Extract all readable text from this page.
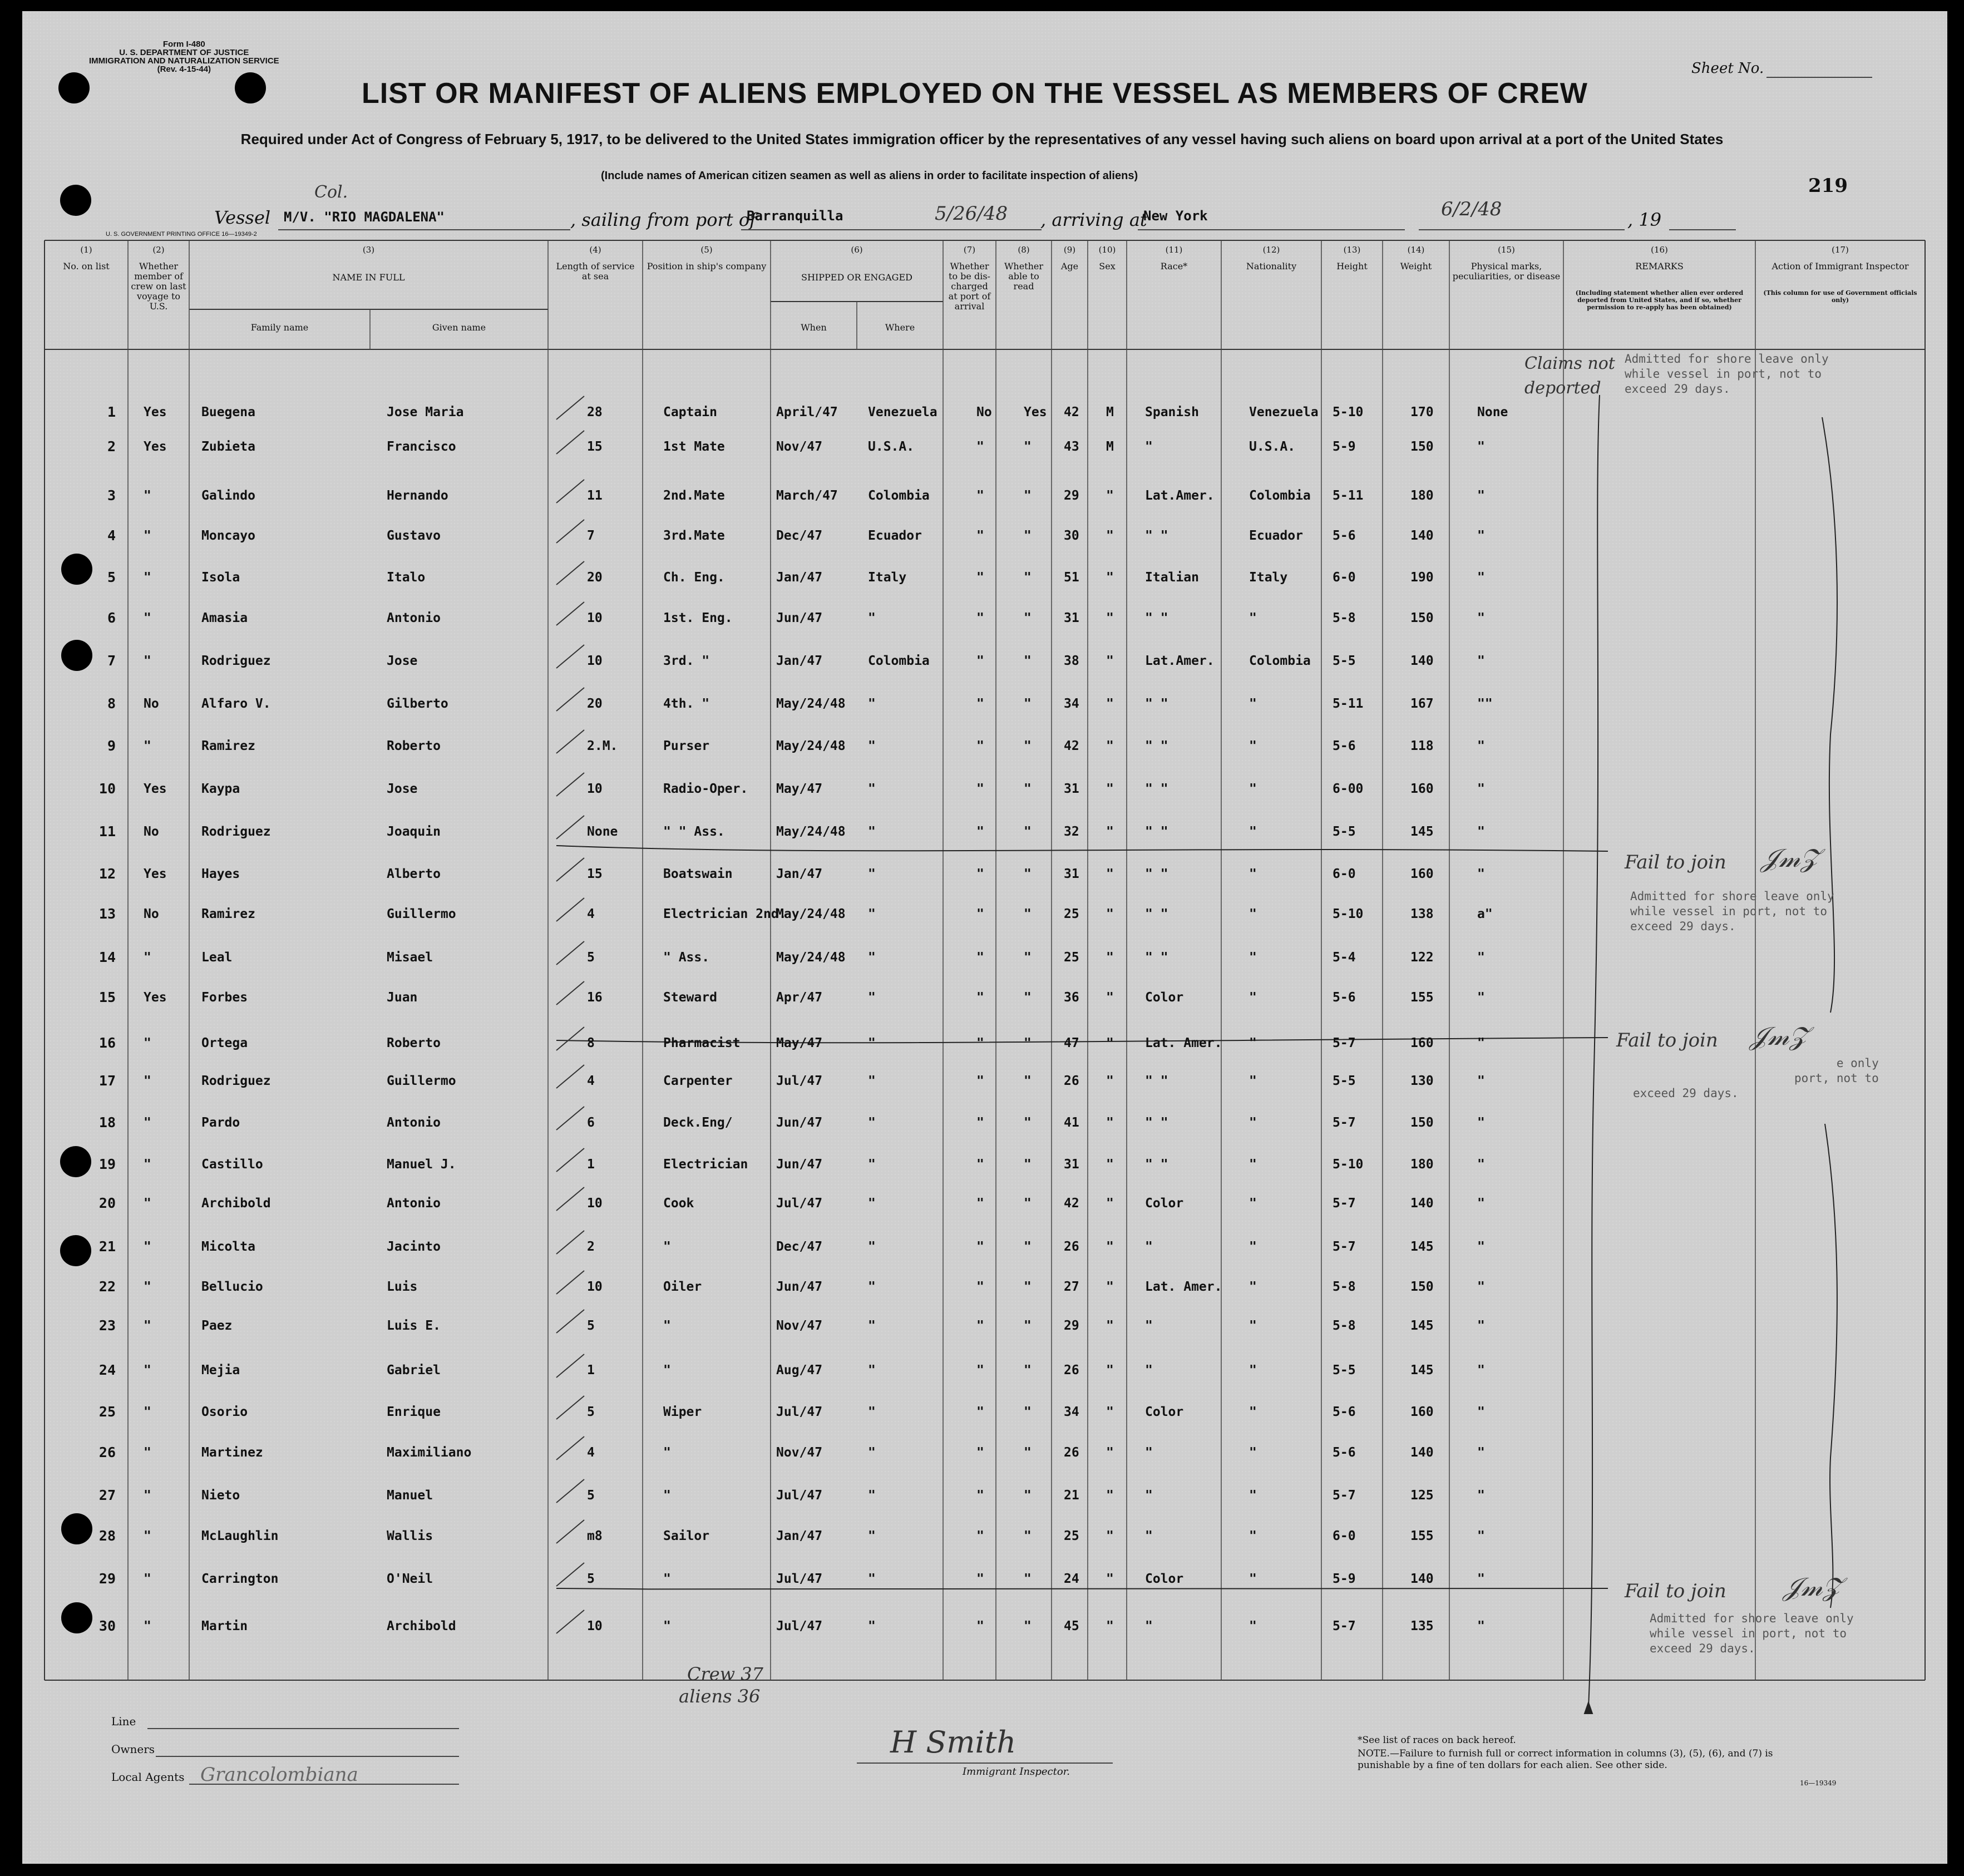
Form I-480
U. S. DEPARTMENT OF JUSTICE
IMMIGRATION AND NATURALIZATION SERVICE
(Rev. 4-15-44)	Sheet No.
LIST OR MANIFEST OF ALIENS EMPLOYED ON THE VESSEL AS MEMBERS OF CREW
Required under Act of Congress of February 5, 1917, to be delivered to the United States immigration officer by the representatives of any vessel having such aliens on board upon arrival at a port of the United States
(Include names of American citizen seamen as well as aliens in order to facilitate inspection of aliens)	219
Vessel
Col.
M/V. "RIO MAGDALENA"	, sailing from port of
Barranquilla	5/26/48 , arriving at
New York	6/2/48	, 19
U. S. GOVERNMENT PRINTING OFFICE 16—19349-2
(1)
No. on list
(2)
Whether member of crew on last voyage to U.S.
(3)
NAME IN FULL
Family name	Given name
(4)
Length of service at sea
(5)
Position in ship's company
(6)
SHIPPED OR ENGAGED
When	Where
(7)
Whether to be dis-charged at port of arrival
(8)
Whether able to read
(9)
Age
(10)
Sex
(11)
Race*
(12)
Nationality
(13)
Height
(14)
Weight
(15)
Physical marks, peculiarities, or disease
(16)
REMARKS
(Including statement whether alien ever ordered deported from United States, and if so, whether permission to re-apply has been obtained)
(17)
Action of Immigrant Inspector
(This column for use of Government officials only)
1 Yes	Buegena	Jose Maria	28	Captain	April/47 Venezuela	No Yes 42 M Spanish	Venezuela 5-10	170	None
2 Yes	Zubieta	Francisco	15	1st Mate	Nov/47	U.S.A.	"	"	43 M "	U.S.A.	5-9	150	"
3 "	Galindo	Hernando	11	2nd.Mate	March/47 Colombia	"	"	29 " Lat.Amer.	Colombia 5-11	180	"
4 "	Moncayo	Gustavo	7	3rd.Mate	Dec/47	Ecuador	"	"	30 " " "	Ecuador 5-6	140	"
5 "	Isola	Italo	20	Ch. Eng.	Jan/47	Italy	"	"	51 " Italian	Italy	6-0	190	"
6 "	Amasia	Antonio	10	1st. Eng.	Jun/47	"	"	"	31 " " "	"	5-8	150	"
7 "	Rodriguez	Jose	10	3rd. "	Jan/47	Colombia	"	"	38 " Lat.Amer.	Colombia 5-5	140	"
8 No	Alfaro V.	Gilberto	20	4th. "	May/24/48 "	"	"	34 " " "	"	5-11	167	""
9 "	Ramirez	Roberto	2.M.	Purser	May/24/48 "	"	"	42 " " "	"	5-6	118	"
10 Yes	Kaypa	Jose	10	Radio-Oper. May/47	"	"	"	31 " " "	"	6-00	160	"
11 No	Rodriguez	Joaquin	None	" " Ass.	May/24/48 "	"	"	32 " " "	"	5-5	145	"
12 Yes	Hayes	Alberto	15	Boatswain	Jan/47	"	"	"	31 " " "	"	6-0	160	"
13 No	Ramirez	Guillermo	4	Electrician 2nd.
May/24/48 "	"	"	25 " " "	"	5-10	138	a"
14 "	Leal	Misael	5	" Ass.	May/24/48 "	"	"	25 " " "	"	5-4	122	"
15 Yes	Forbes	Juan	16	Steward	Apr/47	"	"	"	36 " Color	"	5-6	155	"
16 "	Ortega	Roberto	8	Pharmacist	May/47	"	"	"	47 " Lat. Amer. "	5-7	160	"
17 "	Rodriguez	Guillermo	4	Carpenter	Jul/47	"	"	"	26 " " "	"	5-5	130	"
18 "	Pardo	Antonio	6	Deck.Eng/	Jun/47	"	"	"	41 " " "	"	5-7	150	"
19 "	Castillo	Manuel J.	1	Electrician Jun/47	"	"	"	31 " " "	"	5-10	180	"
20 "	Archibold	Antonio	10	Cook	Jul/47	"	"	"	42 " Color	"	5-7	140	"
21 "	Micolta	Jacinto	2	"	Dec/47	"	"	"	26 " "	"	5-7	145	"
22 "	Bellucio	Luis	10	Oiler	Jun/47	"	"	"	27 " Lat. Amer. "	5-8	150	"
23 "	Paez	Luis E.	5	"	Nov/47	"	"	"	29 " "	"	5-8	145	"
24 "	Mejia	Gabriel	1	"	Aug/47	"	"	"	26 " "	"	5-5	145	"
25 "	Osorio	Enrique	5	Wiper	Jul/47	"	"	"	34 " Color	"	5-6	160	"
26 "	Martinez	Maximiliano	4	"	Nov/47	"	"	"	26 " "	"	5-6	140	"
27 "	Nieto	Manuel	5	"	Jul/47	"	"	"	21 " "	"	5-7	125	"
28 "	McLaughlin	Wallis	m8	Sailor	Jan/47	"	"	"	25 " "	"	6-0	155	"
29 "	Carrington	O'Neil	5	"	Jul/47	"	"	"	24 " Color	"	5-9	140	"
30 "	Martin	Archibold	10	"	Jul/47	"	"	"	45 " "	"	5-7	135	"
Admitted for shore leave only
while vessel in port, not to
exceed 29 days.
Claims not deported
Fail to join 𝒥𝓂𝒵
Admitted for shore leave only
while vessel in port, not to
exceed 29 days.
Fail to join 𝒥𝓂𝒵
e only
port, not to
exceed 29 days.
Fail to join 𝒥𝓂𝒵
Admitted for shore leave only
while vessel in port, not to
exceed 29 days.
Crew 37
aliens 36
Line
Owners
Local Agents Grancolombiana
H Smith
Immigrant Inspector.
*See list of races on back hereof.
NOTE.—Failure to furnish full or correct information in columns (3), (5), (6), and (7) is punishable by a fine of ten dollars for each alien. See other side.
16—19349
